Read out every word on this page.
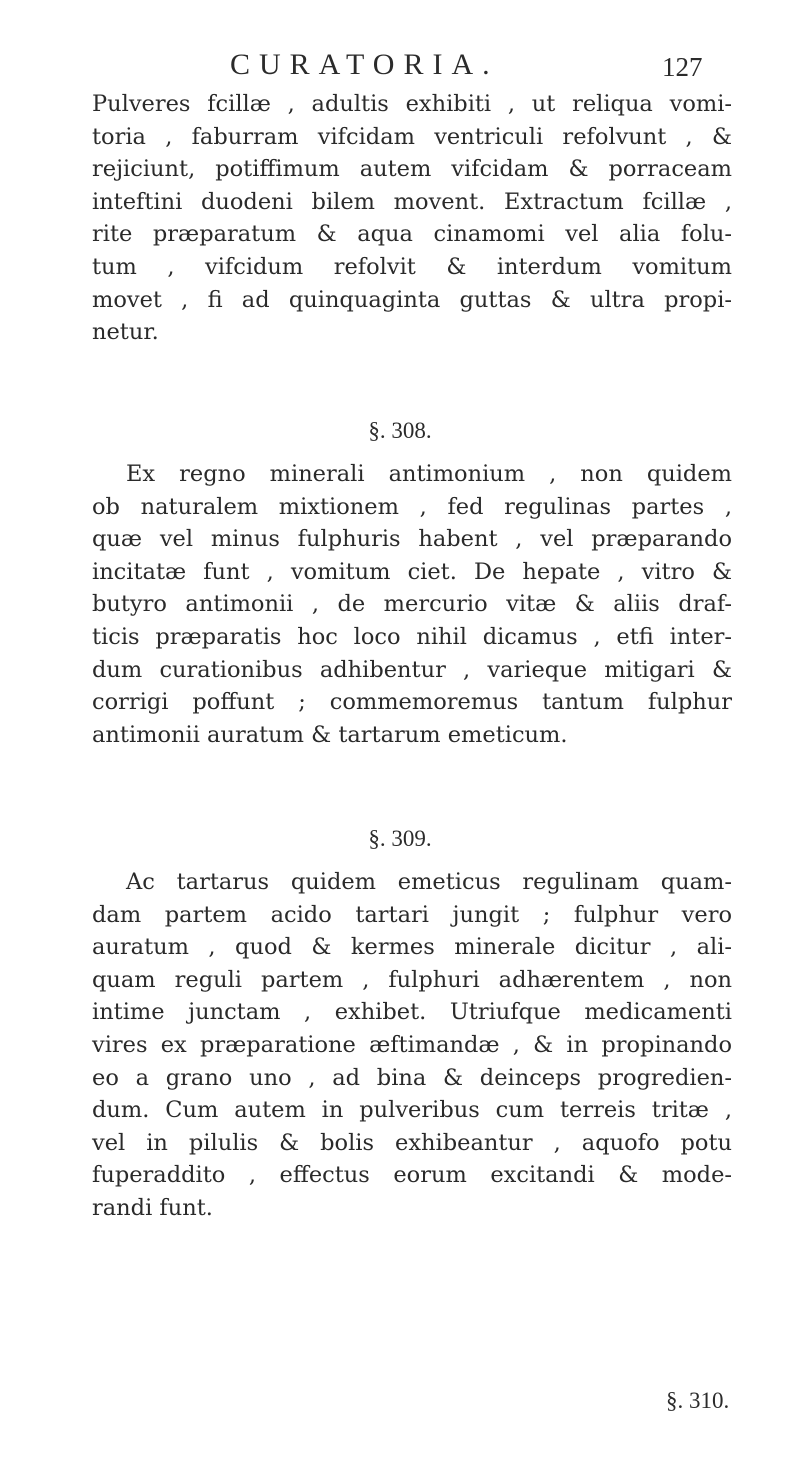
CURATORIA.	127

Pulveres fcillæ , adultis exhibiti , ut reliqua vomi-
toria , faburram vifcidam ventriculi refolvunt , &
rejiciunt, potiffimum autem vifcidam & porraceam
inteftini duodeni bilem movent. Extractum fcillæ ,
rite præparatum & aqua cinamomi vel alia folu-
tum , vifcidum refolvit & interdum vomitum
movet , fi ad quinquaginta guttas & ultra propi-
netur.

§. 308.

Ex regno minerali antimonium , non quidem
ob naturalem mixtionem , fed regulinas partes ,
quæ vel minus fulphuris habent , vel præparando
incitatæ funt , vomitum ciet. De hepate , vitro &
butyro antimonii , de mercurio vitæ & aliis draf-
ticis præparatis hoc loco nihil dicamus , etfi inter-
dum curationibus adhibentur , varieque mitigari &
corrigi poffunt ; commemoremus tantum fulphur
antimonii auratum & tartarum emeticum.

§. 309.

Ac tartarus quidem emeticus regulinam quam-
dam partem acido tartari jungit ; fulphur vero
auratum , quod & kermes minerale dicitur , ali-
quam reguli partem , fulphuri adhærentem , non
intime junctam , exhibet. Utriufque medicamenti
vires ex præparatione æftimandæ , & in propinando
eo a grano uno , ad bina & deinceps progredien-
dum. Cum autem in pulveribus cum terreis tritæ ,
vel in pilulis & bolis exhibeantur , aquofo potu
fuperaddito , effectus eorum excitandi & mode-
randi funt.

§. 310.
